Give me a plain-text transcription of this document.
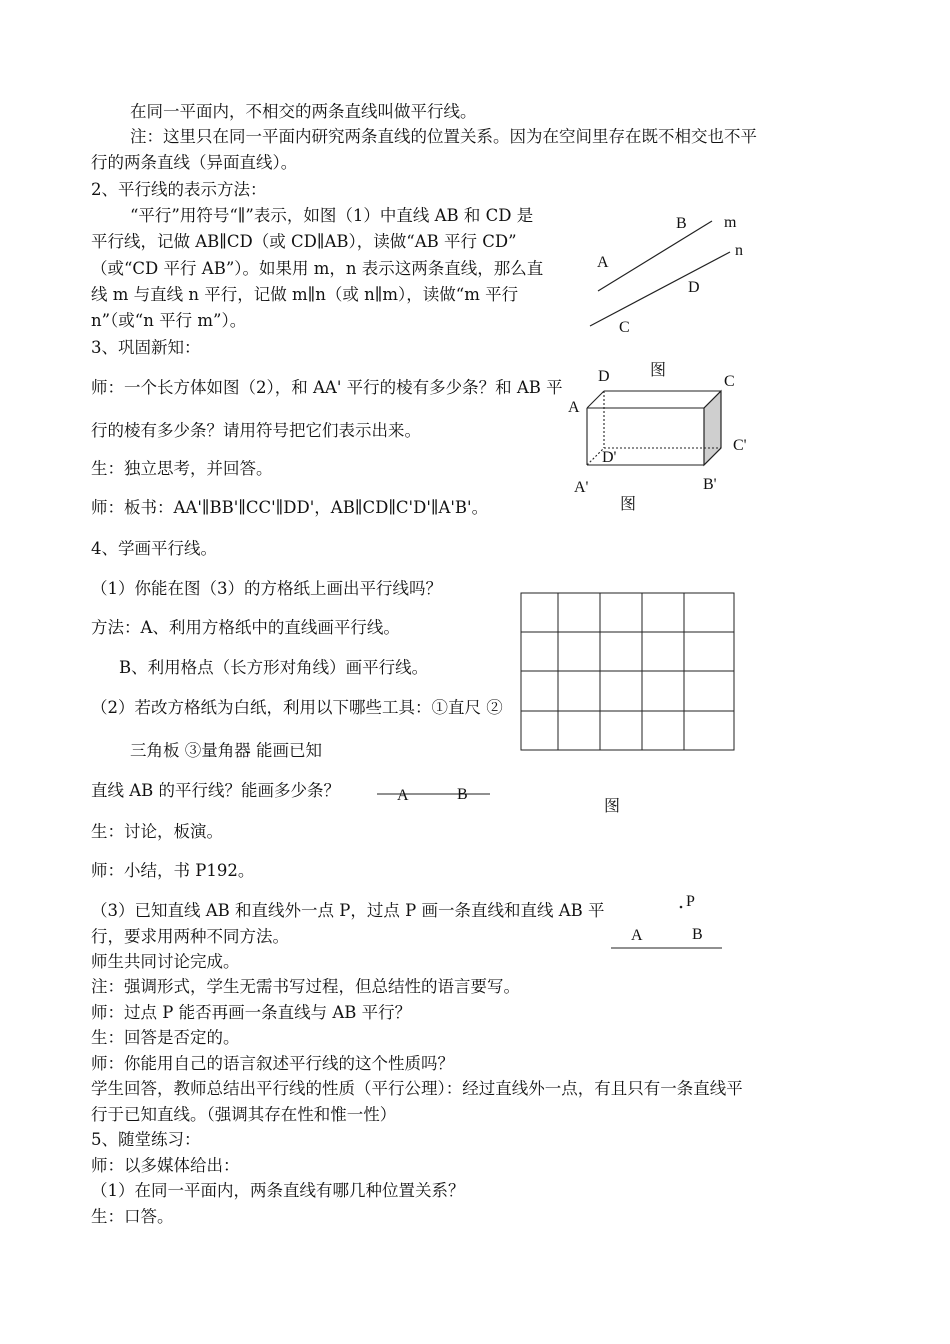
在同一平面内，不相交的两条直线叫做平行线。
注：这里只在同一平面内研究两条直线的位置关系。因为在空间里存在既不相交也不平
行的两条直线（异面直线）。
2、平行线的表示方法：
“平行”用符号“∥”表示，如图（1）中直线 AB 和 CD 是
平行线，记做 AB∥CD（或 CD∥AB），读做“AB 平行 CD”
（或“CD 平行 AB”）。如果用 m，n 表示这两条直线，那么直
线 m 与直线 n 平行，记做 m∥n（或 n∥m），读做“m 平行
n”（或“n 平行 m”）。
3、巩固新知：
师：一个长方体如图（2），和 AA' 平行的棱有多少条？和 AB 平
行的棱有多少条？请用符号把它们表示出来。
生：独立思考，并回答。
师：板书：AA'∥BB'∥CC'∥DD'，AB∥CD∥C'D'∥A'B'。
4、学画平行线。
（1）你能在图（3）的方格纸上画出平行线吗？
方法：A、利用方格纸中的直线画平行线。
B、利用格点（长方形对角线）画平行线。
（2）若改方格纸为白纸，利用以下哪些工具：①直尺 ②
三角板 ③量角器 能画已知
直线 AB 的平行线？能画多少条？
生：讨论，板演。
师：小结，书 P192。
（3）已知直线 AB 和直线外一点 P，过点 P 画一条直线和直线 AB 平
行，要求用两种不同方法。
师生共同讨论完成。
注：强调形式，学生无需书写过程，但总结性的语言要写。
师：过点 P 能否再画一条直线与 AB 平行？
生：回答是否定的。
师：你能用自己的语言叙述平行线的这个性质吗？
学生回答，教师总结出平行线的性质（平行公理）：经过直线外一点，有且只有一条直线平
行于已知直线。（强调其存在性和惟一性）
5、随堂练习：
师：以多媒体给出：
（1）在同一平面内，两条直线有哪几种位置关系？
生：口答。
B m
n
A
D
C
图
D	C
A
C'
D'
A'	B'
图
图
A	B
P
A	B
